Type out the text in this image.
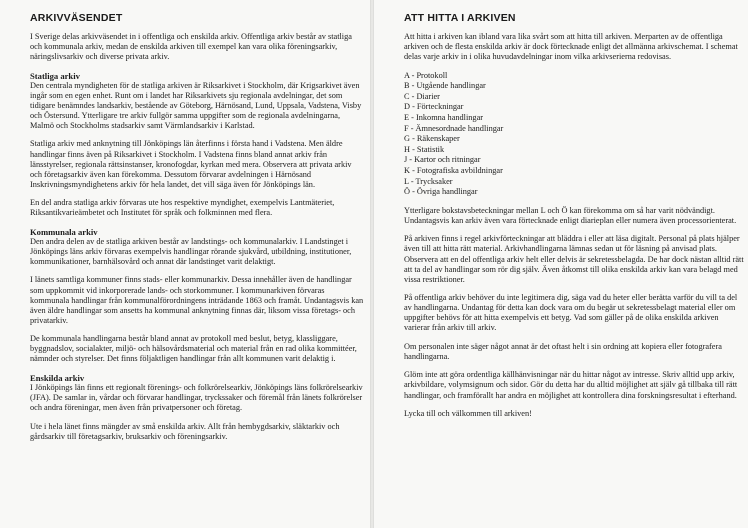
ARKIVVÄSENDET

I Sverige delas arkivväsendet in i offentliga och enskilda arkiv. Offentliga arkiv består av statliga och kommunala arkiv, medan de enskilda arkiven till exempel kan vara olika föreningsarkiv, näringslivsarkiv och diverse privata arkiv.

Statliga arkiv

Den centrala myndigheten för de statliga arkiven är Riksarkivet i Stockholm, där Krigsarkivet även ingår som en egen enhet. Runt om i landet har Riksarkivets sju regionala avdelningar, det som tidigare benämndes landsarkiv, bestående av Göteborg, Härnösand, Lund, Uppsala, Vadstena, Visby och Östersund. Ytterligare tre arkiv fullgör samma uppgifter som de regionala avdelningarna, Malmö och Stockholms stadsarkiv samt Värmlandsarkiv i Karlstad.

Statliga arkiv med anknytning till Jönköpings län återfinns i första hand i Vadstena. Men äldre handlingar finns även på Riksarkivet i Stockholm. I Vadstena finns bland annat arkiv från länsstyrelser, regionala rättsinstanser, kronofogdar, kyrkan med mera. Observera att privata arkiv och företagsarkiv även kan förekomma. Dessutom förvarar avdelningen i Härnösand Inskrivningsmyndighetens arkiv för hela landet, det vill säga även för Jönköpings län.

En del andra statliga arkiv förvaras ute hos respektive myndighet, exempelvis Lantmäteriet, Riksantikvarieämbetet och Institutet för språk och folkminnen med flera.

Kommunala arkiv

Den andra delen av de statliga arkiven består av landstings- och kommunalarkiv. I Landstinget i Jönköpings läns arkiv förvaras exempelvis handlingar rörande sjukvård, utbildning, institutioner, kommunikationer, barnhälsovård och annat där landstinget varit delaktigt.

I länets samtliga kommuner finns stads- eller kommunarkiv. Dessa innehåller även de handlingar som uppkommit vid inkorporerade lands- och storkommuner. I kommunarkiven förvaras kommunala handlingar från kommunalförordningens inträdande 1863 och framåt. Undantagsvis kan även äldre handlingar som ansetts ha kommunal anknytning finnas där, liksom vissa företags- och privatarkiv.

De kommunala handlingarna består bland annat av protokoll med beslut, betyg, klassliggare, byggnadslov, socialakter, miljö- och hälsovårdsmaterial och material från en rad olika kommittéer, nämnder och styrelser. Det finns följaktligen handlingar från allt kommunen varit delaktig i.

Enskilda arkiv

I Jönköpings län finns ett regionalt förenings- och folkrörelsearkiv, Jönköpings läns folkrörelsearkiv (JFA). De samlar in, vårdar och förvarar handlingar, tryckssaker och föremål från länets folkrörelser och andra föreningar, men även från privatpersoner och företag.

Ute i hela länet finns mängder av små enskilda arkiv. Allt från hembygdsarkiv, släktarkiv och gårdsarkiv till företagsarkiv, bruksarkiv och föreningsarkiv.

ATT HITTA I ARKIVEN

Att hitta i arkiven kan ibland vara lika svårt som att hitta till arkiven. Merparten av de offentliga arkiven och de flesta enskilda arkiv är dock förtecknade enligt det allmänna arkivschemat. I schemat delas varje arkiv in i olika huvudavdelningar inom vilka arkivserierna redovisas.

A - Protokoll
B - Utgående handlingar
C - Diarier
D - Förteckningar
E - Inkomna handlingar
F - Ämnesordnade handlingar
G - Räkenskaper
H - Statistik
J - Kartor och ritningar
K - Fotografiska avbildningar
L - Trycksaker
Ö - Övriga handlingar

Ytterligare bokstavsbeteckningar mellan L och Ö kan förekomma om så har varit nödvändigt. Undantagsvis kan arkiv även vara förtecknade enligt diarieplan eller numera även processorienterat.

På arkiven finns i regel arkivförteckningar att bläddra i eller att läsa digitalt. Personal på plats hjälper även till att hitta rätt material. Arkivhandlingarna lämnas sedan ut för läsning på anvisad plats. Observera att en del offentliga arkiv helt eller delvis är sekretessbelagda. De har dock nästan alltid rätt att ta del av handlingar som rör dig själv. Även åtkomst till olika enskilda arkiv kan vara belagd med vissa restriktioner.

På offentliga arkiv behöver du inte legitimera dig, säga vad du heter eller berätta varför du vill ta del av handlingarna. Undantag för detta kan dock vara om du begär ut sekretessbelagt material eller om uppgifter behövs för att hitta exempelvis ett betyg. Vad som gäller på de olika enskilda arkiven varierar från arkiv till arkiv.

Om personalen inte säger något annat är det oftast helt i sin ordning att kopiera eller fotografera handlingarna.

Glöm inte att göra ordentliga källhänvisningar när du hittar något av intresse. Skriv alltid upp arkiv, arkivbildare, volymsignum och sidor. Gör du detta har du alltid möjlighet att själv gå tillbaka till rätt handlingar, och framförallt har andra en möjlighet att kontrollera dina forskningsresultat i efterhand.

Lycka till och välkommen till arkiven!
